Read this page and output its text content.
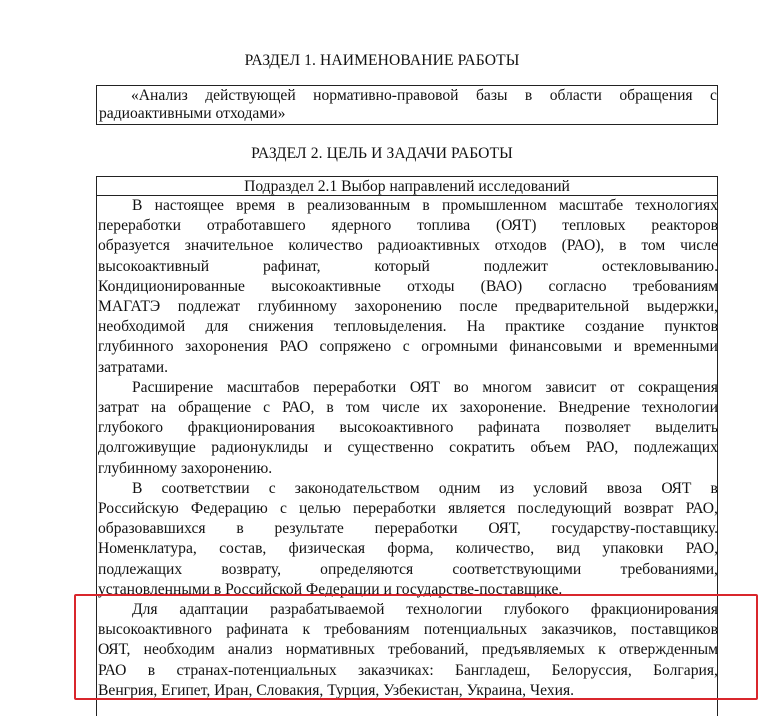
РАЗДЕЛ 1. НАИМЕНОВАНИЕ РАБОТЫ
«Анализ действующей нормативно-правовой базы в области обращения с
радиоактивными отходами»
РАЗДЕЛ 2. ЦЕЛЬ И ЗАДАЧИ РАБОТЫ
Подраздел 2.1 Выбор направлений исследований
В настоящее время в реализованным в промышленном масштабе технологиях
переработки отработавшего ядерного топлива (ОЯТ) тепловых реакторов
образуется значительное количество радиоактивных отходов (РАО), в том числе
высокоактивный	рафинат,	который	подлежит	остекловыванию.
Кондиционированные высокоактивные отходы (ВАО) согласно требованиям
МАГАТЭ подлежат глубинному захоронению после предварительной выдержки,
необходимой для снижения тепловыделения. На практике создание пунктов
глубинного захоронения РАО сопряжено с огромными финансовыми и временными
затратами.
Расширение масштабов переработки ОЯТ во многом зависит от сокращения
затрат на обращение с РАО, в том числе их захоронение. Внедрение технологии
глубокого фракционирования высокоактивного рафината позволяет выделить
долгоживущие радионуклиды и существенно сократить объем РАО, подлежащих
глубинному захоронению.
В соответствии с законодательством одним из условий ввоза ОЯТ в
Российскую Федерацию с целью переработки является последующий возврат РАО,
образовавшихся в результате переработки ОЯТ, государству-поставщику.
Номенклатура, состав, физическая форма, количество, вид упаковки РАО,
подлежащих	возврату,	определяются	соответствующими	требованиями,
установленными в Российской Федерации и государстве-поставщике.
Для адаптации разрабатываемой технологии глубокого фракционирования
высокоактивного рафината к требованиям потенциальных заказчиков, поставщиков
ОЯТ, необходим анализ нормативных требований, предъявляемых к отвержденным
РАО в странах-потенциальных заказчиках: Бангладеш, Белоруссия, Болгария,
Венгрия, Египет, Иран, Словакия, Турция, Узбекистан, Украина, Чехия.
